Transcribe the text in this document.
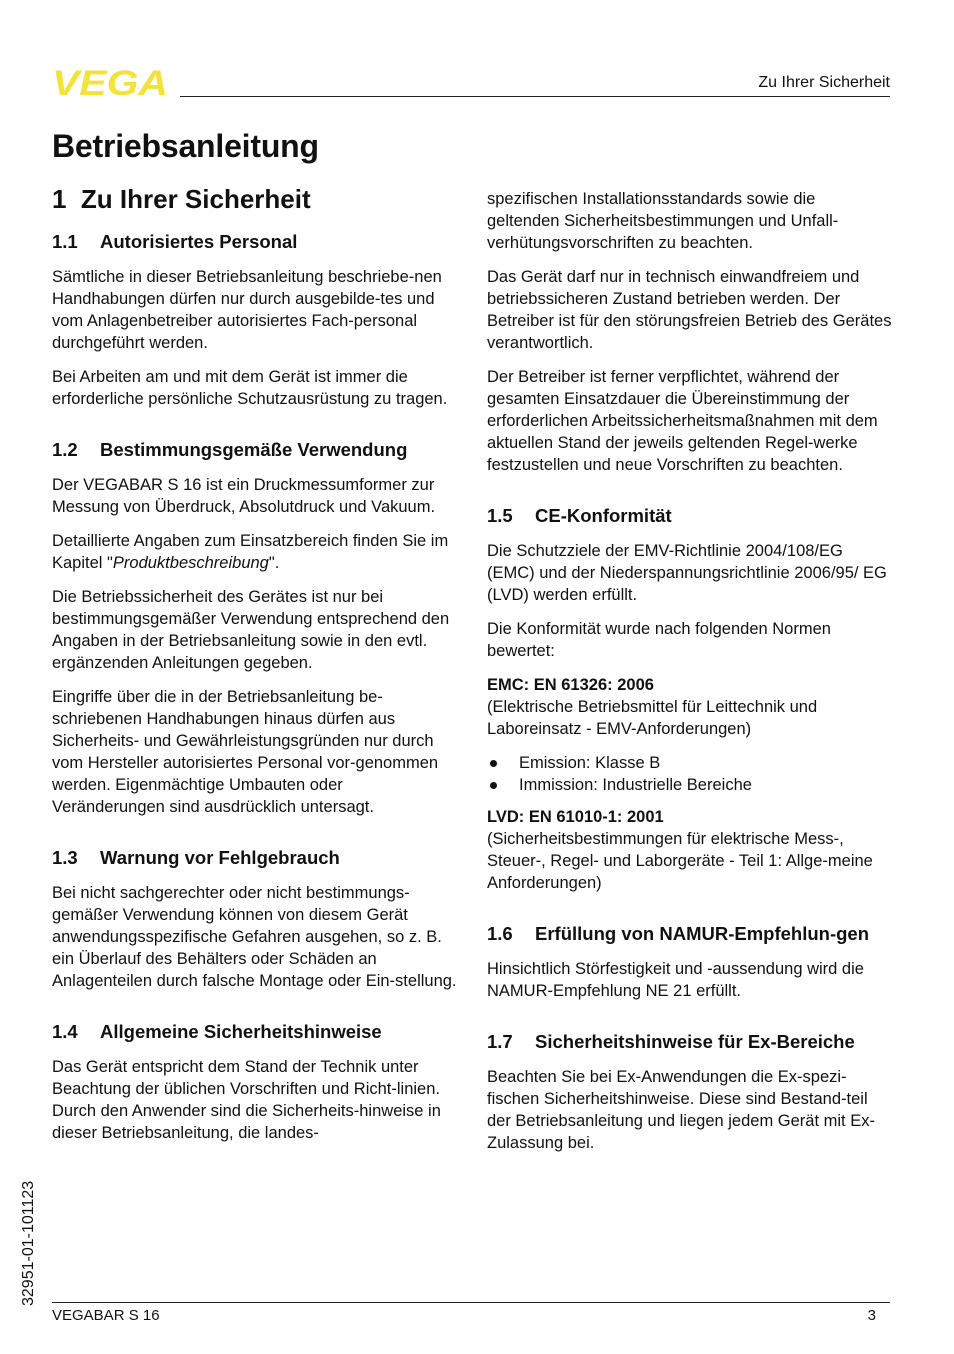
VEGA	Zu Ihrer Sicherheit
Betriebsanleitung
1 Zu Ihrer Sicherheit
1.1	Autorisiertes Personal

Sämtliche in dieser Betriebsanleitung beschriebe-nen Handhabungen dürfen nur durch ausgebilde-tes und vom Anlagenbetreiber autorisiertes Fach-personal durchgeführt werden.

Bei Arbeiten am und mit dem Gerät ist immer die erforderliche persönliche Schutzausrüstung zu tragen.

1.2	Bestimmungsgemäße Verwendung

Der VEGABAR S 16 ist ein Druckmessumformer zur Messung von Überdruck, Absolutdruck und Vakuum.

Detaillierte Angaben zum Einsatzbereich finden Sie im Kapitel "Produktbeschreibung".

Die Betriebssicherheit des Gerätes ist nur bei bestimmungsgemäßer Verwendung entsprechend den Angaben in der Betriebsanleitung sowie in den evtl. ergänzenden Anleitungen gegeben.

Eingriffe über die in der Betriebsanleitung be-schriebenen Handhabungen hinaus dürfen aus Sicherheits- und Gewährleistungsgründen nur durch vom Hersteller autorisiertes Personal vor-genommen werden. Eigenmächtige Umbauten oder Veränderungen sind ausdrücklich untersagt.

1.3	Warnung vor Fehlgebrauch

Bei nicht sachgerechter oder nicht bestimmungs-gemäßer Verwendung können von diesem Gerät anwendungsspezifische Gefahren ausgehen, so z. B. ein Überlauf des Behälters oder Schäden an Anlagenteilen durch falsche Montage oder Ein-stellung.

1.4	Allgemeine Sicherheitshinweise

Das Gerät entspricht dem Stand der Technik unter Beachtung der üblichen Vorschriften und Richt-linien. Durch den Anwender sind die Sicherheits-hinweise in dieser Betriebsanleitung, die landes-

spezifischen Installationsstandards sowie die geltenden Sicherheitsbestimmungen und Unfall-verhütungsvorschriften zu beachten.

Das Gerät darf nur in technisch einwandfreiem und betriebssicheren Zustand betrieben werden. Der Betreiber ist für den störungsfreien Betrieb des Gerätes verantwortlich.

Der Betreiber ist ferner verpflichtet, während der gesamten Einsatzdauer die Übereinstimmung der erforderlichen Arbeitssicherheitsmaßnahmen mit dem aktuellen Stand der jeweils geltenden Regel-werke festzustellen und neue Vorschriften zu beachten.

1.5	CE-Konformität

Die Schutzziele der EMV-Richtlinie 2004/108/EG (EMC) und der Niederspannungsrichtlinie 2006/95/ EG (LVD) werden erfüllt.

Die Konformität wurde nach folgenden Normen bewertet:

EMC: EN 61326: 2006

(Elektrische Betriebsmittel für Leittechnik und Laboreinsatz - EMV-Anforderungen)

Emission: Klasse B
Immission: Industrielle Bereiche
LVD: EN 61010-1: 2001

(Sicherheitsbestimmungen für elektrische Mess-, Steuer-, Regel- und Laborgeräte - Teil 1: Allge-meine Anforderungen)

1.6	Erfüllung von NAMUR-Empfehlun-gen

Hinsichtlich Störfestigkeit und -aussendung wird die NAMUR-Empfehlung NE 21 erfüllt.

1.7	Sicherheitshinweise für Ex-Bereiche

Beachten Sie bei Ex-Anwendungen die Ex-spezi-fischen Sicherheitshinweise. Diese sind Bestand-teil der Betriebsanleitung und liegen jedem Gerät mit Ex-Zulassung bei.

32951-01-101123
VEGABAR S 16	3
